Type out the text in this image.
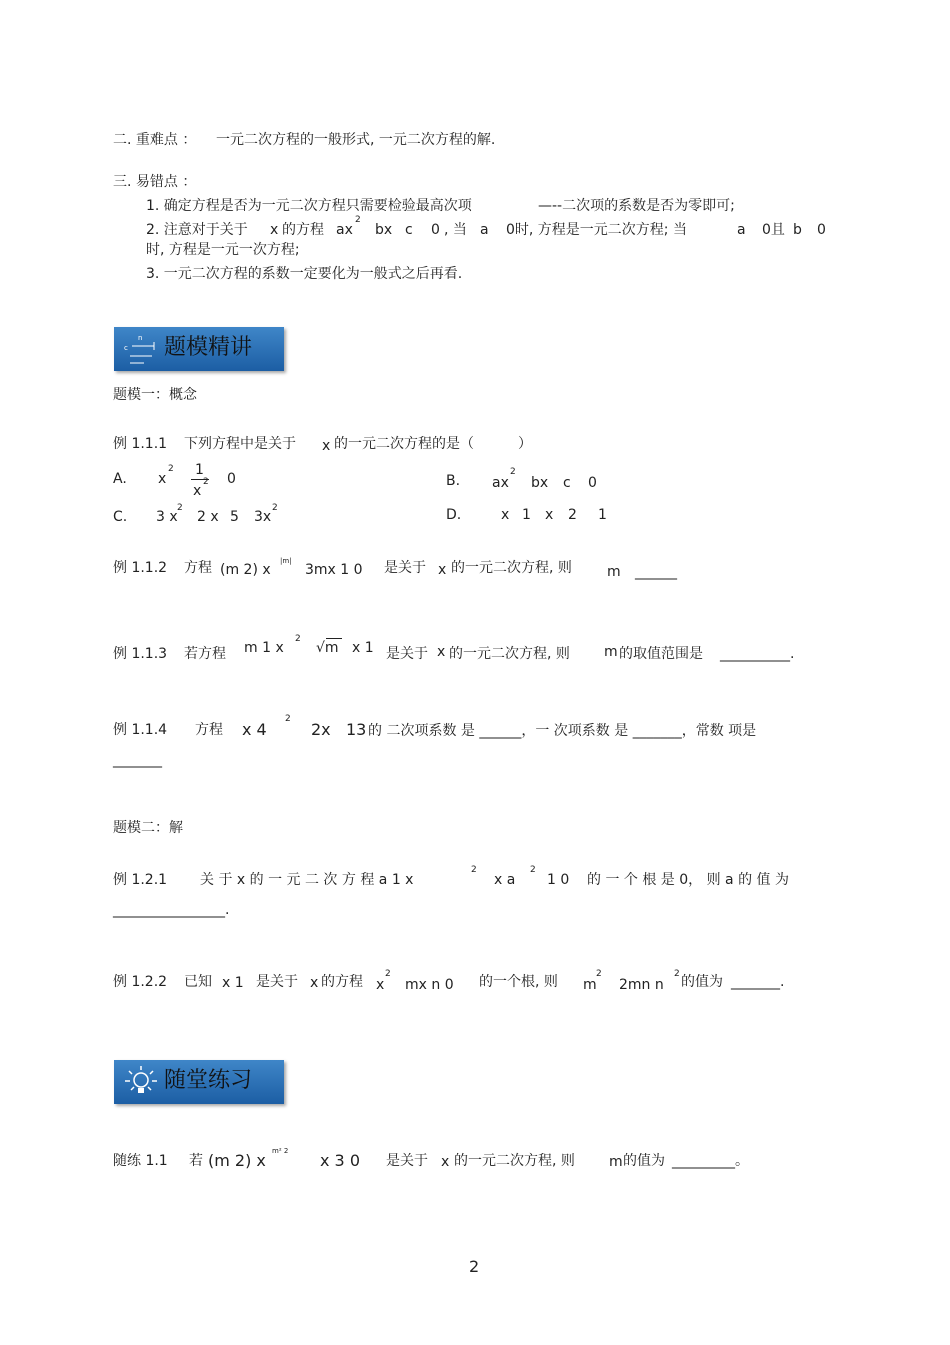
二. 重难点 ： 一元二次方程的一般形式, 一元二次方程的解.
三. 易错点 ：
1. 确定方程是否为一元二次方程只需要检验最高次项	—--二次项的系数是否为零即可;
2. 注意对于关于 x 的方程 ax
2
bx c 0 , 当 a 0时, 方程是一元二次方程; 当	a 0且 b 0
时, 方程是一元一次方程;
3. 一元二次方程的系数一定要化为一般式之后再看.
n
c 题模精讲
题模一：概念
例 1.1.1 下列方程中是关于 x 的一元二次方程的是（	）
A. x
2 1
x
2 0	B. ax
2
bx c 0
C. 3 x
2
2 x 5 3x
2	D.	x 1 x 2 1
例 1.1.2 方程 (m 2) x
|m|
3mx 1 0 是关于 x 的一元二次方程, 则	m ______
例 1.1.3 若方程 m 1 x
2
√m x 1 是关于 x 的一元二次方程, 则 m 的取值范围是 __________.
例 1.1.4 方程 x 4
2
2x 13 的 二次项系数 是 ______，一 次项系数 是 _______，常数 项是
_______
题模二：解
例 1.2.1 关 于 x 的 一 元 二 次 方 程 a 1 x
2
x a
2
1 0 的 一 个 根 是 0， 则 a 的 值 为
________________.
例 1.2.2 已知 x 1 是关于 x 的方程 x
2
mx n 0 的一个根, 则 m
2
2mn n
2 的值为 _______.
随堂练习
随练 1.1 若 (m 2) x m² 2 x 3 0 是关于 x 的一元二次方程, 则 m 的值为 _________。
2
